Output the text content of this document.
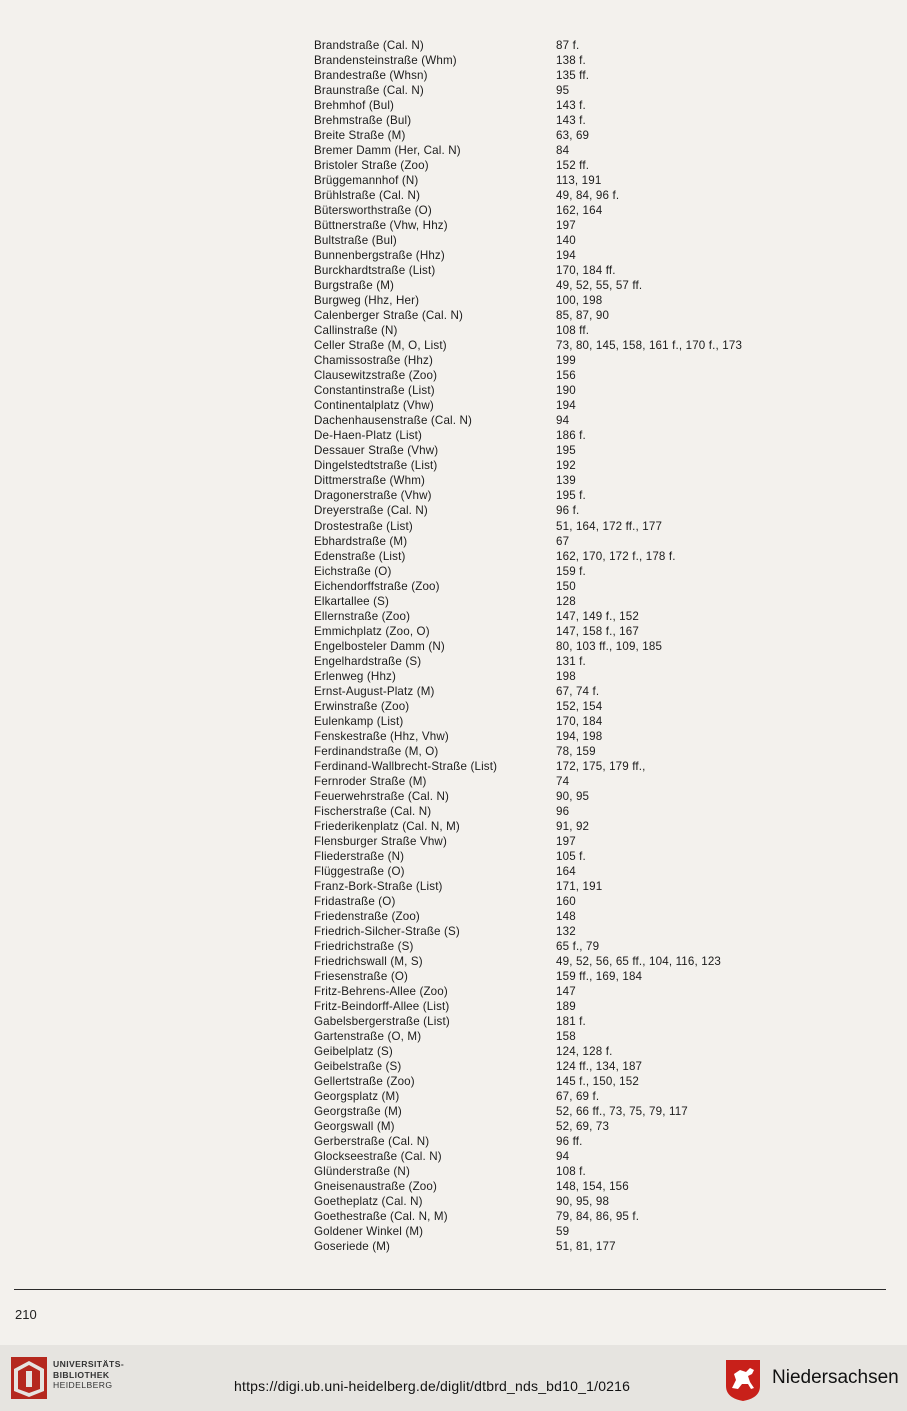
Brandstraße (Cal. N)	87 f.
Brandensteinstraße (Whm)	138 f.
Brandestraße (Whsn)	135 ff.
Braunstraße (Cal. N)	95
Brehmhof (Bul)	143 f.
Brehmstraße (Bul)	143 f.
Breite Straße (M)	63, 69
Bremer Damm (Her, Cal. N)	84
Bristoler Straße (Zoo)	152 ff.
Brüggemannhof (N)	113, 191
Brühlstraße (Cal. N)	49, 84, 96 f.
Bütersworthstraße (O)	162, 164
Büttnerstraße (Vhw, Hhz)	197
Bultstraße (Bul)	140
Bunnenbergstraße (Hhz)	194
Burckhardtstraße (List)	170, 184 ff.
Burgstraße (M)	49, 52, 55, 57 ff.
Burgweg (Hhz, Her)	100, 198
Calenberger Straße (Cal. N)	85, 87, 90
Callinstraße (N)	108 ff.
Celler Straße (M, O, List)	73, 80, 145, 158, 161 f., 170 f., 173
Chamissostraße (Hhz)	199
Clausewitzstraße (Zoo)	156
Constantinstraße (List)	190
Continentalplatz (Vhw)	194
Dachenhausenstraße (Cal. N)	94
De-Haen-Platz (List)	186 f.
Dessauer Straße (Vhw)	195
Dingelstedtstraße (List)	192
Dittmerstraße (Whm)	139
Dragonerstraße (Vhw)	195 f.
Dreyerstraße (Cal. N)	96 f.
Drostestraße (List)	51, 164, 172 ff., 177
Ebhardstraße (M)	67
Edenstraße (List)	162, 170, 172 f., 178 f.
Eichstraße (O)	159 f.
Eichendorffstraße (Zoo)	150
Elkartallee (S)	128
Ellernstraße (Zoo)	147, 149 f., 152
Emmichplatz (Zoo, O)	147, 158 f., 167
Engelbosteler Damm (N)	80, 103 ff., 109, 185
Engelhardstraße (S)	131 f.
Erlenweg (Hhz)	198
Ernst-August-Platz (M)	67, 74 f.
Erwinstraße (Zoo)	152, 154
Eulenkamp (List)	170, 184
Fenskestraße (Hhz, Vhw)	194, 198
Ferdinandstraße (M, O)	78, 159
Ferdinand-Wallbrecht-Straße (List)	172, 175, 179 ff.,
Fernroder Straße (M)	74
Feuerwehrstraße (Cal. N)	90, 95
Fischerstraße (Cal. N)	96
Friederikenplatz (Cal. N, M)	91, 92
Flensburger Straße Vhw)	197
Fliederstraße (N)	105 f.
Flüggestraße (O)	164
Franz-Bork-Straße (List)	171, 191
Fridastraße (O)	160
Friedenstraße (Zoo)	148
Friedrich-Silcher-Straße (S)	132
Friedrichstraße (S)	65 f., 79
Friedrichswall (M, S)	49, 52, 56, 65 ff., 104, 116, 123
Friesenstraße (O)	159 ff., 169, 184
Fritz-Behrens-Allee (Zoo)	147
Fritz-Beindorff-Allee (List)	189
Gabelsbergerstraße (List)	181 f.
Gartenstraße (O, M)	158
Geibelplatz (S)	124, 128 f.
Geibelstraße (S)	124 ff., 134, 187
Gellertstraße (Zoo)	145 f., 150, 152
Georgsplatz (M)	67, 69 f.
Georgstraße (M)	52, 66 ff., 73, 75, 79, 117
Georgswall (M)	52, 69, 73
Gerberstraße (Cal. N)	96 ff.
Glockseestraße (Cal. N)	94
Glünderstraße (N)	108 f.
Gneisenaustraße (Zoo)	148, 154, 156
Goetheplatz (Cal. N)	90, 95, 98
Goethestraße (Cal. N, M)	79, 84, 86, 95 f.
Goldener Winkel (M)	59
Goseriede (M)	51, 81, 177
210
UNIVERSITÄTS-
BIBLIOTHEK
HEIDELBERG	https://digi.ub.uni-heidelberg.de/diglit/dtbrd_nds_bd10_1/0216	Niedersachsen
